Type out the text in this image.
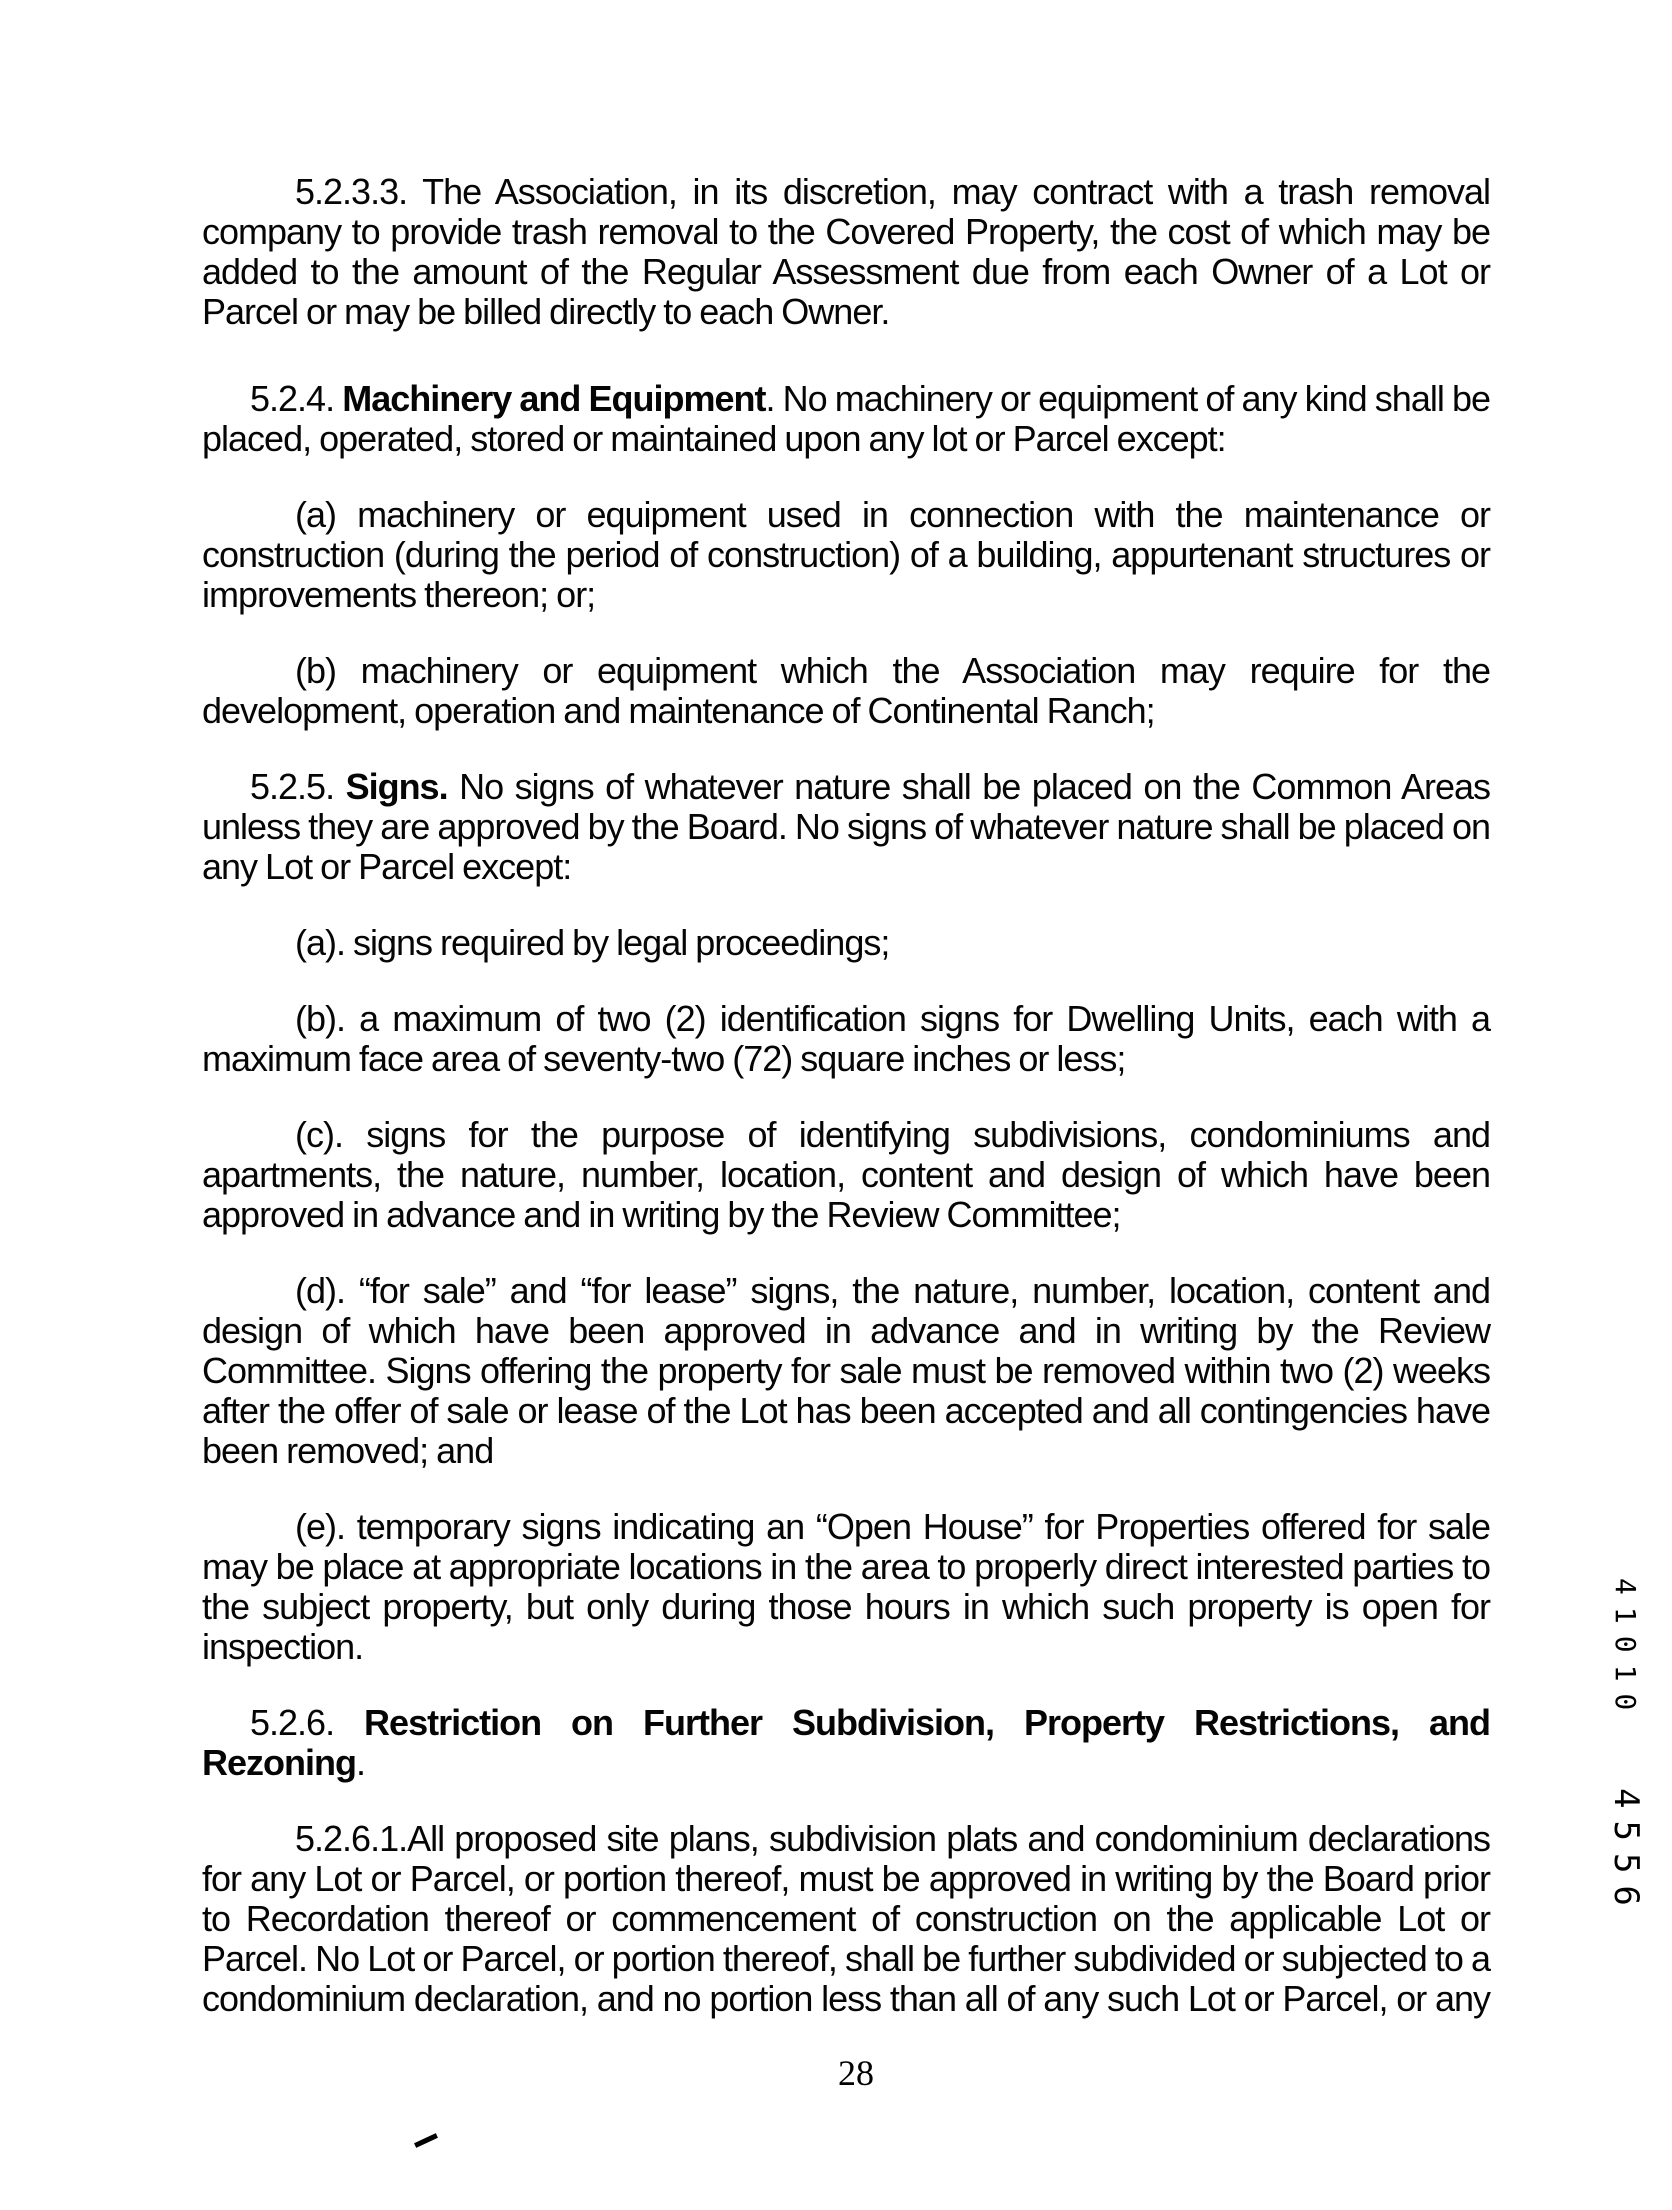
5.2.3.3. The Association, in its discretion, may contract with a trash removal company to provide trash removal to the Covered Property, the cost of which may be added to the amount of the Regular Assessment due from each Owner of a Lot or Parcel or may be billed directly to each Owner.

5.2.4. Machinery and Equipment. No machinery or equipment of any kind shall be placed, operated, stored or maintained upon any lot or Parcel except:

(a) machinery or equipment used in connection with the maintenance or construction (during the period of construction) of a building, appurtenant structures or improvements thereon; or;

(b) machinery or equipment which the Association may require for the development, operation and maintenance of Continental Ranch;

5.2.5. Signs. No signs of whatever nature shall be placed on the Common Areas unless they are approved by the Board. No signs of whatever nature shall be placed on any Lot or Parcel except:

(a). signs required by legal proceedings;

(b). a maximum of two (2) identification signs for Dwelling Units, each with a maximum face area of seventy-two (72) square inches or less;

(c). signs for the purpose of identifying subdivisions, condominiums and apartments, the nature, number, location, content and design of which have been approved in advance and in writing by the Review Committee;

(d). “for sale” and “for lease” signs, the nature, number, location, content and design of which have been approved in advance and in writing by the Review Committee. Signs offering the property for sale must be removed within two (2) weeks after the offer of sale or lease of the Lot has been accepted and all contingencies have been removed; and

(e). temporary signs indicating an “Open House” for Properties offered for sale may be place at appropriate locations in the area to properly direct interested parties to the subject property, but only during those hours in which such property is open for inspection.

5.2.6. Restriction on Further Subdivision, Property Restrictions, and Rezoning.

5.2.6.1.All proposed site plans, subdivision plats and condominium declarations for any Lot or Parcel, or portion thereof, must be approved in writing by the Board prior to Recordation thereof or commencement of construction on the applicable Lot or Parcel. No Lot or Parcel, or portion thereof, shall be further subdivided or subjected to a condominium declaration, and no portion less than all of any such Lot or Parcel, or any

41010
4556
28
